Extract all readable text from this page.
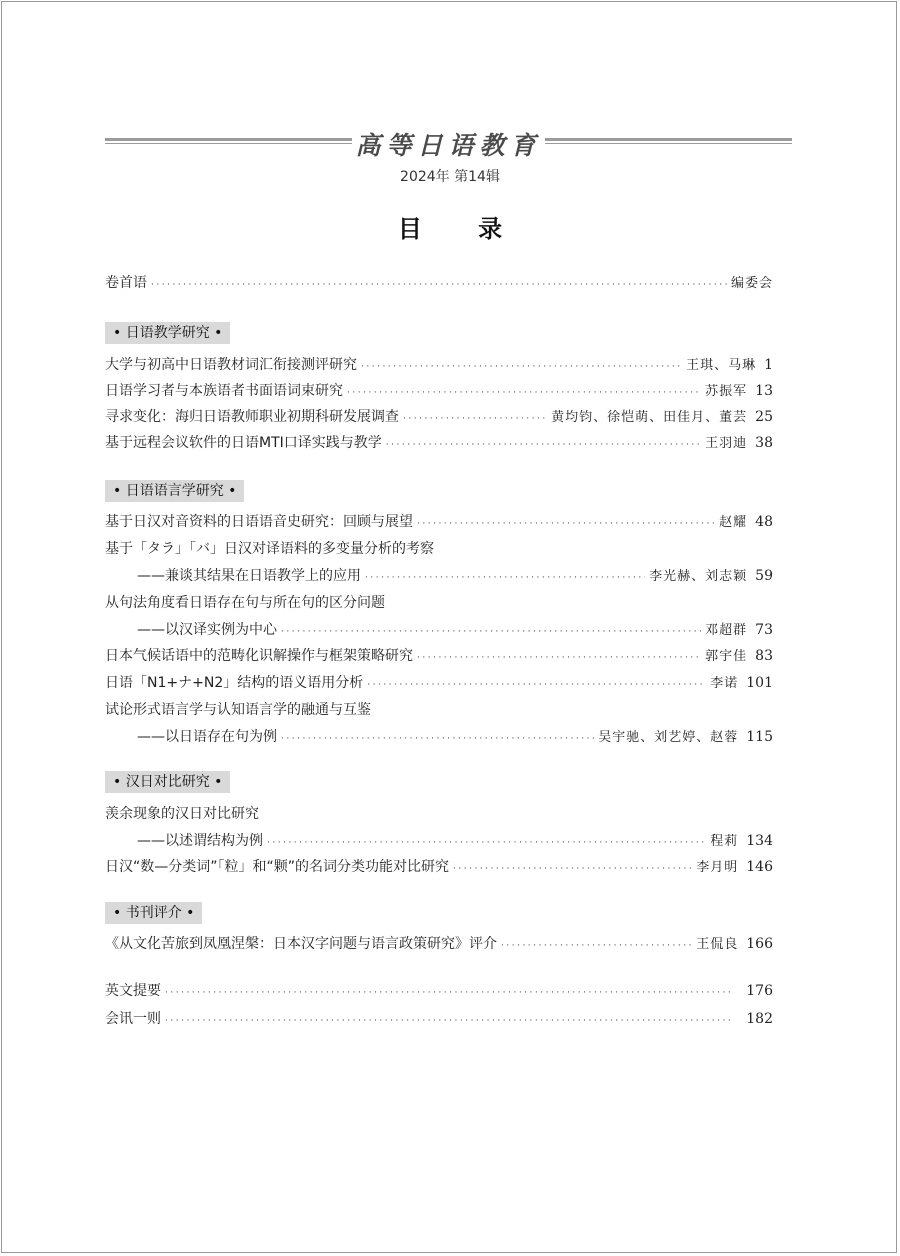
高等日语教育
2024年 第14辑
目 录
卷首语 ·····	编委会
• 日语教学研究 •
大学与初高中日语教材词汇衔接测评研究 ·····	王琪、马琳 1
日语学习者与本族语者书面语词束研究 ·····	苏振军 13
寻求变化：海归日语教师职业初期科研发展调查 ·····	黄均钧、徐恺萌、田佳月、董芸 25
基于远程会议软件的日语MTI口译实践与教学 ·····	王羽迪 38
• 日语语言学研究 •
基于日汉对音资料的日语语音史研究：回顾与展望 ·····	赵耀 48
基于「タラ」「バ」日汉对译语料的多变量分析的考察
——兼谈其结果在日语教学上的应用 ·····	李光赫、刘志颖 59
从句法角度看日语存在句与所在句的区分问题
——以汉译实例为中心 ·····	邓超群 73
日本气候话语中的范畴化识解操作与框架策略研究 ·····	郭宇佳 83
日语「N1+ナ+N2」结构的语义语用分析 ·····	李诺 101
试论形式语言学与认知语言学的融通与互鉴
——以日语存在句为例 ·····	吴宇驰、刘艺婷、赵蓉 115
• 汉日对比研究 •
羡余现象的汉日对比研究
——以述谓结构为例 ·····	程莉 134
日汉“数—分类词”「粒」和“颗”的名词分类功能对比研究 ·····	李月明 146
• 书刊评介 •
《从文化苦旅到凤凰涅槃：日本汉字问题与语言政策研究》评介 ·····	王侃良 166
英文提要 ·····	176
会讯一则 ·····	182
